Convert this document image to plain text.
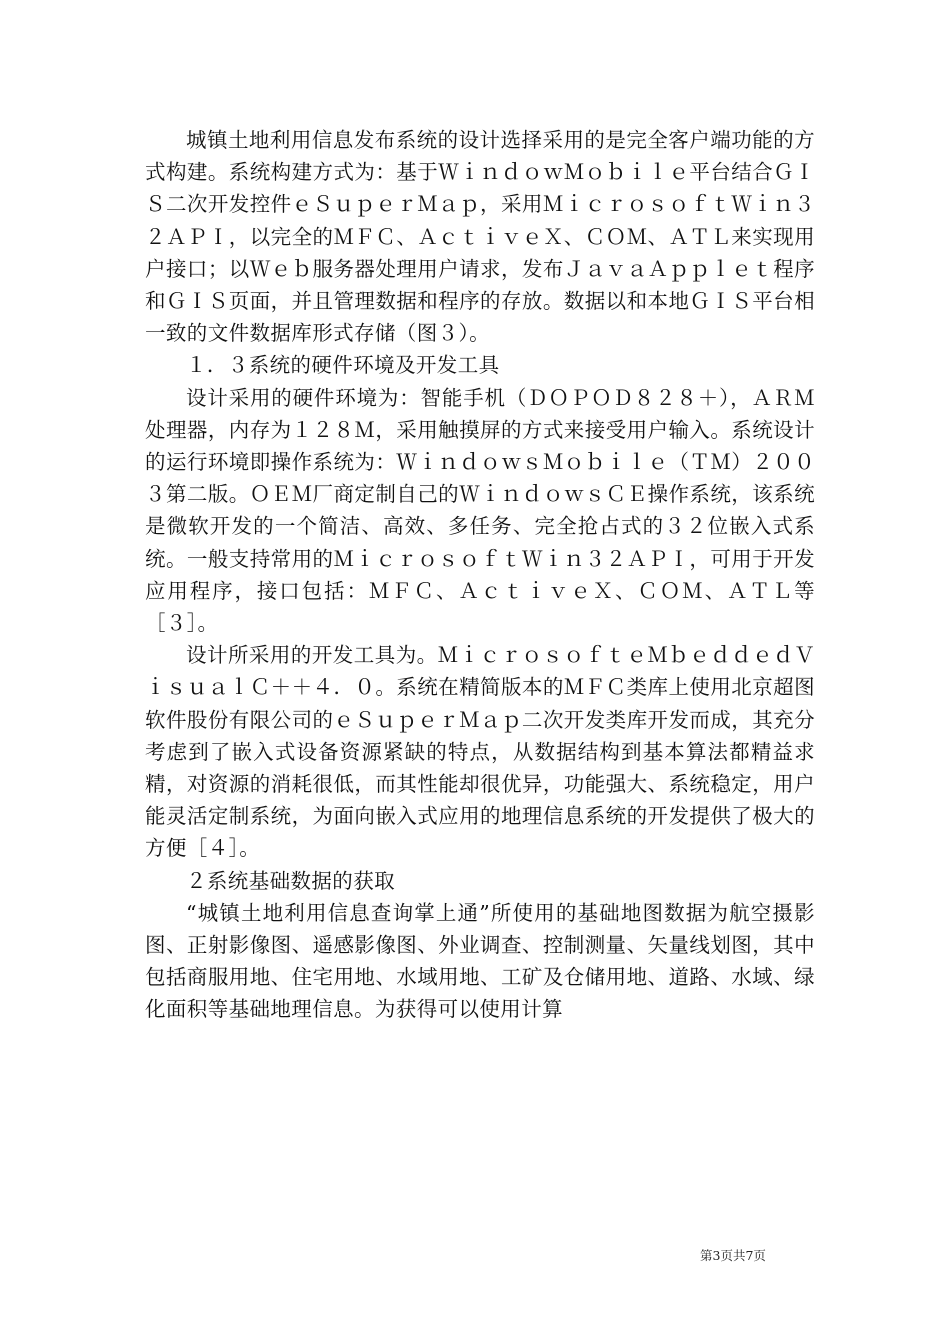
城镇土地利用信息发布系统的设计选择采用的是完全客户端功能的方式构建。系统构建方式为：基于ＷｉｎｄｏｗＭｏｂｉｌｅ平台结合ＧＩＳ二次开发控件ｅＳｕｐｅｒＭａｐ，采用ＭｉｃｒｏｓｏｆｔＷｉｎ３２ＡＰＩ，以完全的ＭＦＣ、ＡｃｔｉｖｅＸ、ＣＯＭ、ＡＴＬ来实现用户接口；以Ｗｅｂ服务器处理用户请求，发布ＪａｖａＡｐｐｌｅｔ程序和ＧＩＳ页面，并且管理数据和程序的存放。数据以和本地ＧＩＳ平台相一致的文件数据库形式存储（图３）。

１．３系统的硬件环境及开发工具

设计采用的硬件环境为：智能手机（ＤＯＰＯＤ８２８＋），ＡＲＭ处理器，内存为１２８Ｍ，采用触摸屏的方式来接受用户输入。系统设计的运行环境即操作系统为：ＷｉｎｄｏｗｓＭｏｂｉｌｅ（ＴＭ）２００３第二版。ＯＥＭ厂商定制自己的ＷｉｎｄｏｗｓＣＥ操作系统，该系统是微软开发的一个简洁、高效、多任务、完全抢占式的３２位嵌入式系统。一般支持常用的ＭｉｃｒｏｓｏｆｔＷｉｎ３２ＡＰＩ，可用于开发应用程序，接口包括：ＭＦＣ、ＡｃｔｉｖｅＸ、ＣＯＭ、ＡＴＬ等［３］。

设计所采用的开发工具为。ＭｉｃｒｏｓｏｆｔｅＭｂｅｄｄｅｄＶｉｓｕａｌＣ＋＋４．０。系统在精简版本的ＭＦＣ类库上使用北京超图软件股份有限公司的ｅＳｕｐｅｒＭａｐ二次开发类库开发而成，其充分考虑到了嵌入式设备资源紧缺的特点，从数据结构到基本算法都精益求精，对资源的消耗很低，而其性能却很优异，功能强大、系统稳定，用户能灵活定制系统，为面向嵌入式应用的地理信息系统的开发提供了极大的方便［４］。

２系统基础数据的获取

“城镇土地利用信息查询掌上通”所使用的基础地图数据为航空摄影图、正射影像图、遥感影像图、外业调查、控制测量、矢量线划图，其中包括商服用地、住宅用地、水域用地、工矿及仓储用地、道路、水域、绿化面积等基础地理信息。为获得可以使用计算

第3页共7页
